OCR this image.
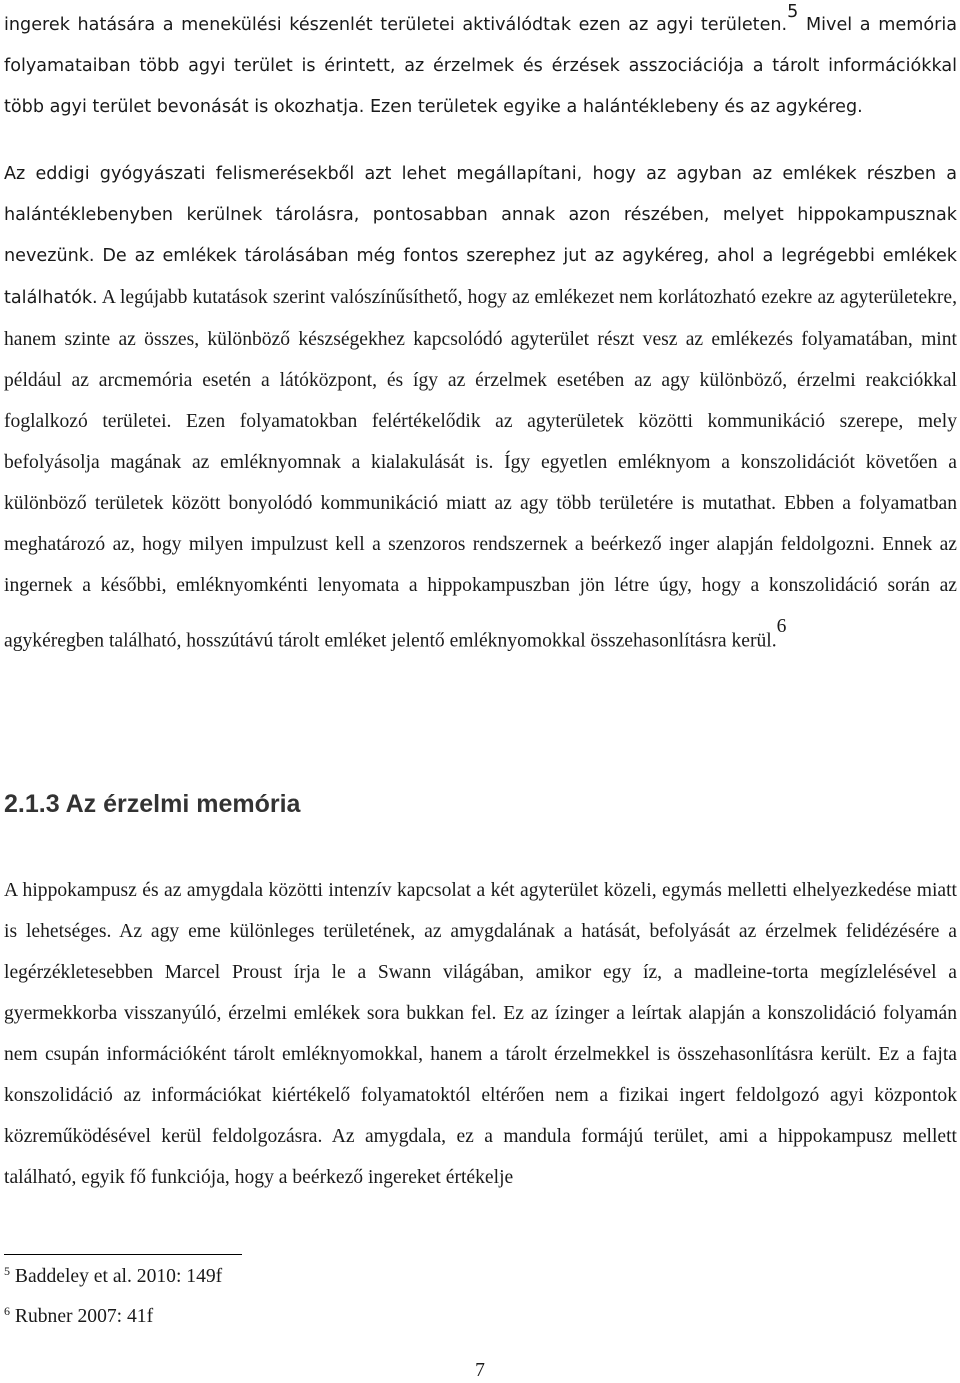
ingerek hatására a menekülési készenlét területei aktiválódtak ezen az agyi területen.$^5$ Mivel a memória folyamataiban több agyi terület is érintett, az érzelmek és érzések asszociációja a tárolt információkkal több agyi terület bevonását is okozhatja. Ezen területek egyike a halántéklebeny és az agykéreg.

Az eddigi gyógyászati felismerésekből azt lehet megállapítani, hogy az agyban az emlékek részben a halántéklebenyben kerülnek tárolásra, pontosabban annak azon részében, melyet hippokampusznak nevezünk. De az emlékek tárolásában még fontos szerephez jut az agykéreg, ahol a legrégebbi emlékek találhatók. A legújabb kutatások szerint valószínűsíthető, hogy az emlékezet nem korlátozható ezekre az agyterületekre, hanem szinte az összes, különböző készségekhez kapcsolódó agyterület részt vesz az emlékezés folyamatában, mint például az arcmemória esetén a látóközpont, és így az érzelmek esetében az agy különböző, érzelmi reakciókkal foglalkozó területei. Ezen folyamatokban felértékelődik az agyterületek közötti kommunikáció szerepe, mely befolyásolja magának az emléknyomnak a kialakulását is. Így egyetlen emléknyom a konszolidációt követően a különböző területek között bonyolódó kommunikáció miatt az agy több területére is mutathat. Ebben a folyamatban meghatározó az, hogy milyen impulzust kell a szenzoros rendszernek a beérkező inger alapján feldolgozni. Ennek az ingernek a későbbi, emléknyomkénti lenyomata a hippokampuszban jön létre úgy, hogy a konszolidáció során az agykéregben található, hosszútávú tárolt emléket jelentő emléknyomokkal összehasonlításra kerül.$^6$

2.1.3 Az érzelmi memória

A hippokampusz és az amygdala közötti intenzív kapcsolat a két agyterület közeli, egymás melletti elhelyezkedése miatt is lehetséges. Az agy eme különleges területének, az amygdalának a hatását, befolyását az érzelmek felidézésére a legérzékletesebben Marcel Proust írja le a Swann világában, amikor egy íz, a madleine-torta megízlelésével a gyermekkorba visszanyúló, érzelmi emlékek sora bukkan fel. Ez az ízinger a leírtak alapján a konszolidáció folyamán nem csupán információként tárolt emléknyomokkal, hanem a tárolt érzelmekkel is összehasonlításra került. Ez a fajta konszolidáció az információkat kiértékelő folyamatoktól eltérően nem a fizikai ingert feldolgozó agyi központok közreműködésével kerül feldolgozásra. Az amygdala, ez a mandula formájú terület, ami a hippokampusz mellett található, egyik fő funkciója, hogy a beérkező ingereket értékelje

$^5$ Baddeley et al. 2010: 149f

$^6$ Rubner 2007: 41f

7
